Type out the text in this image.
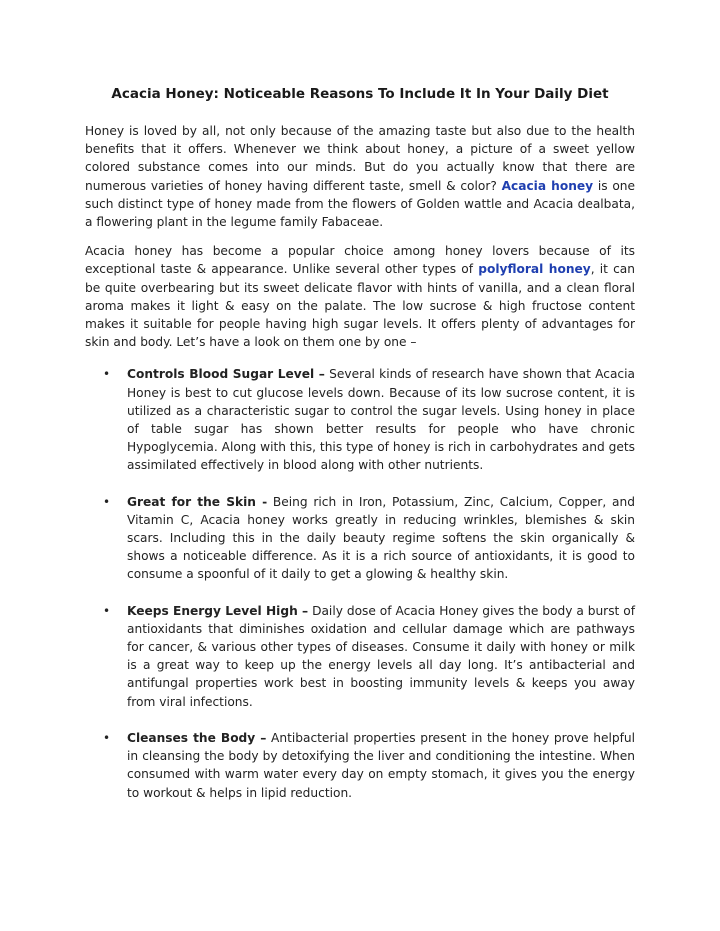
Acacia Honey: Noticeable Reasons To Include It In Your Daily Diet

Honey is loved by all, not only because of the amazing taste but also due to the health benefits that it offers. Whenever we think about honey, a picture of a sweet yellow colored substance comes into our minds. But do you actually know that there are numerous varieties of honey having different taste, smell & color? Acacia honey is one such distinct type of honey made from the flowers of Golden wattle and Acacia dealbata, a flowering plant in the legume family Fabaceae.

Acacia honey has become a popular choice among honey lovers because of its exceptional taste & appearance. Unlike several other types of polyfloral honey, it can be quite overbearing but its sweet delicate flavor with hints of vanilla, and a clean floral aroma makes it light & easy on the palate. The low sucrose & high fructose content makes it suitable for people having high sugar levels. It offers plenty of advantages for skin and body. Let’s have a look on them one by one –

• Controls Blood Sugar Level – Several kinds of research have shown that Acacia Honey is best to cut glucose levels down. Because of its low sucrose content, it is utilized as a characteristic sugar to control the sugar levels. Using honey in place of table sugar has shown better results for people who have chronic Hypoglycemia. Along with this, this type of honey is rich in carbohydrates and gets assimilated effectively in blood along with other nutrients.
• Great for the Skin - Being rich in Iron, Potassium, Zinc, Calcium, Copper, and Vitamin C, Acacia honey works greatly in reducing wrinkles, blemishes & skin scars. Including this in the daily beauty regime softens the skin organically & shows a noticeable difference. As it is a rich source of antioxidants, it is good to consume a spoonful of it daily to get a glowing & healthy skin.
• Keeps Energy Level High – Daily dose of Acacia Honey gives the body a burst of antioxidants that diminishes oxidation and cellular damage which are pathways for cancer, & various other types of diseases. Consume it daily with honey or milk is a great way to keep up the energy levels all day long. It’s antibacterial and antifungal properties work best in boosting immunity levels & keeps you away from viral infections.
• Cleanses the Body – Antibacterial properties present in the honey prove helpful in cleansing the body by detoxifying the liver and conditioning the intestine. When consumed with warm water every day on empty stomach, it gives you the energy to workout & helps in lipid reduction.
